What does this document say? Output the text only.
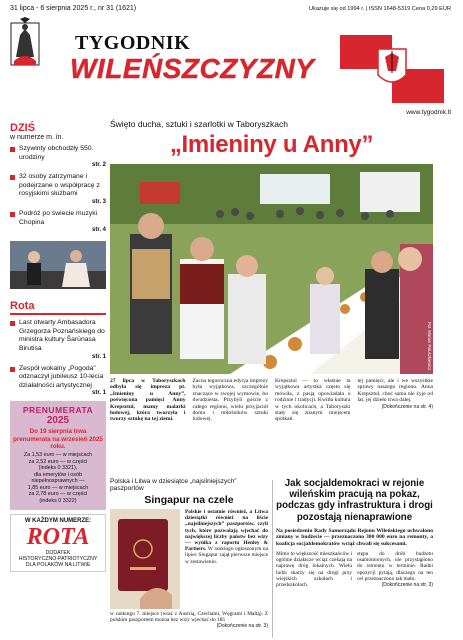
31 lipca - 6 sierpnia 2025 r., nr 31 (1621)	Ukazuje się od 1994 r. | ISSN 1648-5319 Cena 0,29 EUR
TYGODNIK
WILEŃSZCZYZNY
www.tygodnik.lt
DZIŚ
w numerze m. in.
Szywinty obchodzły 550. urodziny
str. 2
32 osoby zatrzymane i podejrzane o współpracę z rosyjskimi służbami
str. 3
Podróż po świecie muzyki Chopina
str. 4
Rota
Last otwarty Ambasadora Grzegorza Poznańskiego do ministra kultury Šarūnasa Birutisa
str. 1
Zespół wokalny „Pogoda” odznaczył jubileusz 10-lecia działalności artystycznej
str. 1
PRENUMERATA
2025
Do 19 sierpnia trwa prenumerata na wrzesień 2025 roku.
Za 1,53 euro — w miejscach
za 2,52 euro — w części
(indeks 0 3321),
dla emerytów i osób
niepełnosprawnych —
1,85 euro — w miejscach
za 2,78 euro — w części
(indeks 0 3322)
W KAŻDYM NUMERZE:
ROTA
DODATEK
HISTORYCZNO-PATRIOTYCZNY
DLA POLAKÓW NA LITWIE
Święto ducha, sztuki i szarlotki w Taboryszkach
„Imieniny u Anny”
Fot. Marian Paluszkiewicz
27 lipca w Taboryszkach odbyła się impreza pt. „Imieniny u Anny”, poświęcona pamięci Anny Krepsztul, mamy malarki ludowej, która tworzyła i tworzy sztukę na tej ziemi.
Zacna tegoroczna edycja imprezy była wyjątkowa, szczególnie znaczące w swojej wymowie, bo dwudziesta. Przybyli goście z całego regionu, wielu przyjaciół domu i miłośników sztuki ludowej.
Krepsztul — to właśnie ta wyjątkowa artystka często się mówiła, z pasją opowiadała o rodzinie i tradycji. Kwitła kultura w tych okolicach, a Taboryszki stały się znanym miejscem spotkań.
tej pamięci, ale i we wszystkie sprawy naszego regionu. Anna Krepsztul, choć sama nie żyje od lat, jej dzieło trwa dalej.
(Dokończenie na str. 4)
Polska i Litwa w dziesiątce „najsilniejszych” paszportów
Singapur na czele
Polskie i ostatnie również, a Litwa dziesiątki również na liście „najsilniejszych” paszportów, czyli tych, które pozwalają wjechać do największej liczby państw bez wizy — wynika z raportu Henley & Partners. W rankingu ogłoszonym na lipiec Singapur zajął pierwsze miejsce w zestawieniu.
w rankingu 7. miejsce (wraz z Austrią, Czechami, Węgrami i Maltą). Z polskim paszportem można bez wizy wjechać do 185
(Dokończenie na str. 3)
Jak socjaldemokraci w rejonie wileńskim pracują na pokaz, podczas gdy infrastruktura i drogi pozostają nienaprawione
Na posiedzeniu Rady Samorządu Rejonu Wileńskiego uchwalono zmiany w budżecie — przeznaczono 300 000 euro na remonty, a koalicja socjaldemokratów wciąż chwali się sukcesami.
Mimo to większość mieszkańców i ogólnie działacze wciąż czekają na naprawę dróg lokalnych. Wielu ludzi skarży się na drogi przy wiejskich szkołach i przedszkolach.
stępu do drób budżetu osamotnionych, nie przystąpiono do remontu w terminie. Radni opozycji pytają, dlaczego na ten cel przeznaczono tak mało.
(Dokończenie na str. 3)
